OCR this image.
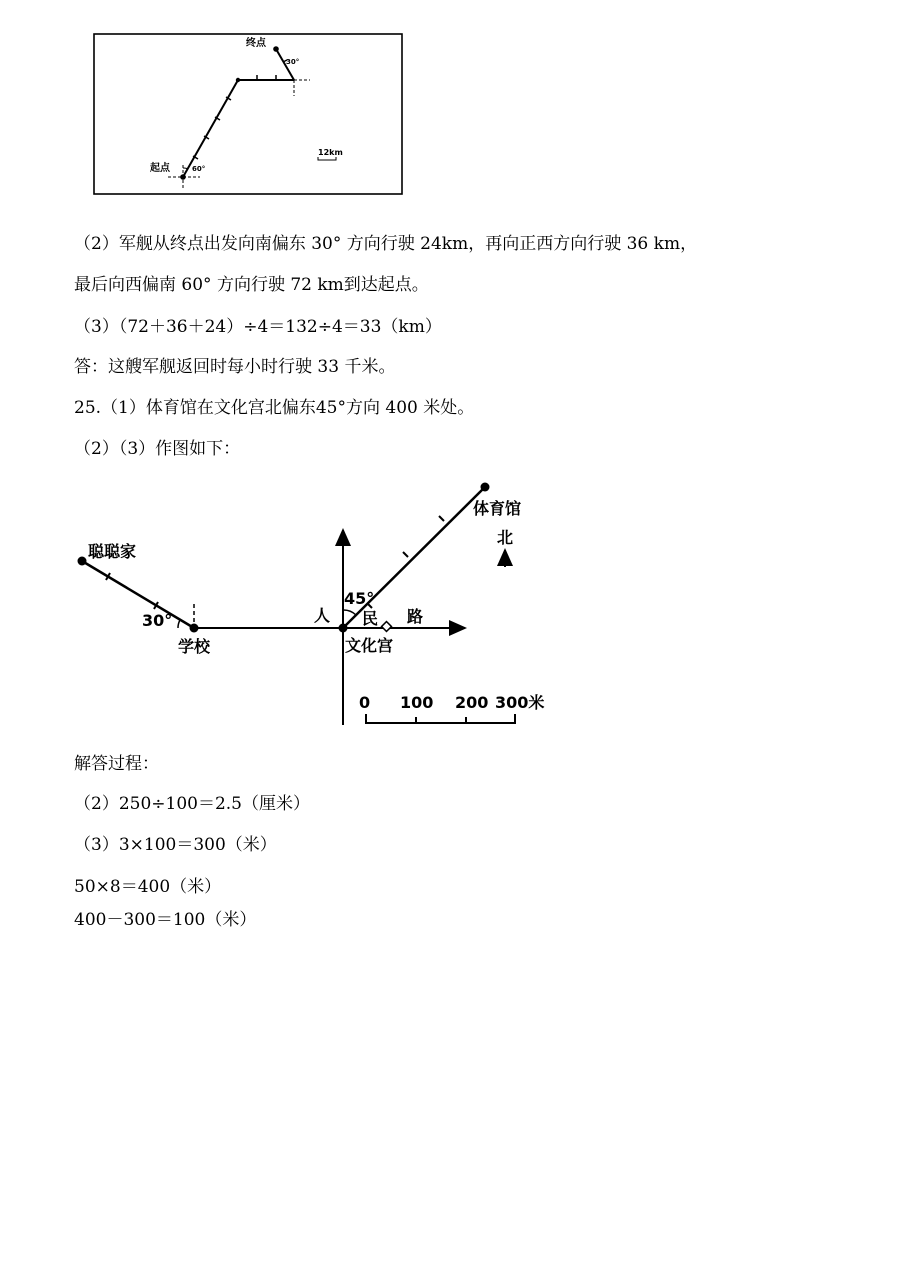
终点
起点
30°
60°
12km
（2）军舰从终点出发向南偏东 30° 方向行驶 24km，再向正西方向行驶 36 km，
最后向西偏南 60° 方向行驶 72 km到达起点。
（3）（72＋36＋24）÷4＝132÷4＝33（km）
答：这艘军舰返回时每小时行驶 33 千米。
25.（1）体育馆在文化宫北偏东45°方向 400 米处。
（2）（3）作图如下：
聪聪家
学校
30°
体育馆
北
45°
人 民 路
文化宫
0 100 200 300米
解答过程：
（2）250÷100＝2.5（厘米）
（3）3×100＝300（米）
50×8＝400（米）
400－300＝100（米）
